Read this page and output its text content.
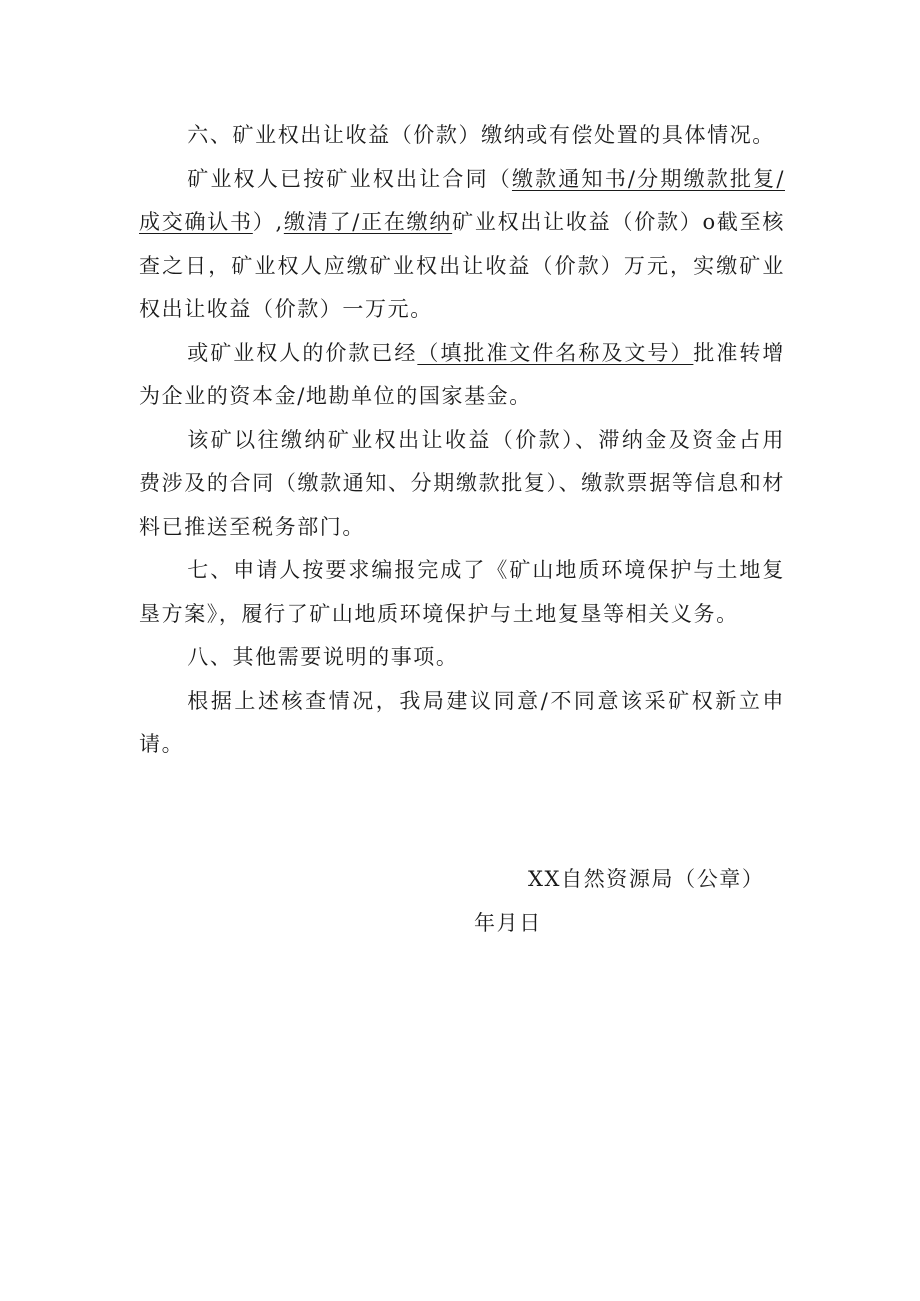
六、矿业权出让收益（价款）缴纳或有偿处置的具体情况。

矿业权人已按矿业权出让合同（缴款通知书/分期缴款批复/成交确认书）,缴清了/正在缴纳矿业权出让收益（价款）o截至核查之日，矿业权人应缴矿业权出让收益（价款）万元，实缴矿业权出让收益（价款）一万元。

或矿业权人的价款已经（填批准文件名称及文号）批准转增为企业的资本金/地勘单位的国家基金。

该矿以往缴纳矿业权出让收益（价款）、滞纳金及资金占用费涉及的合同（缴款通知、分期缴款批复）、缴款票据等信息和材料已推送至税务部门。

七、申请人按要求编报完成了《矿山地质环境保护与土地复垦方案》，履行了矿山地质环境保护与土地复垦等相关义务。

八、其他需要说明的事项。

根据上述核查情况，我局建议同意/不同意该采矿权新立申请。

XX自然资源局（公章）

年月日
